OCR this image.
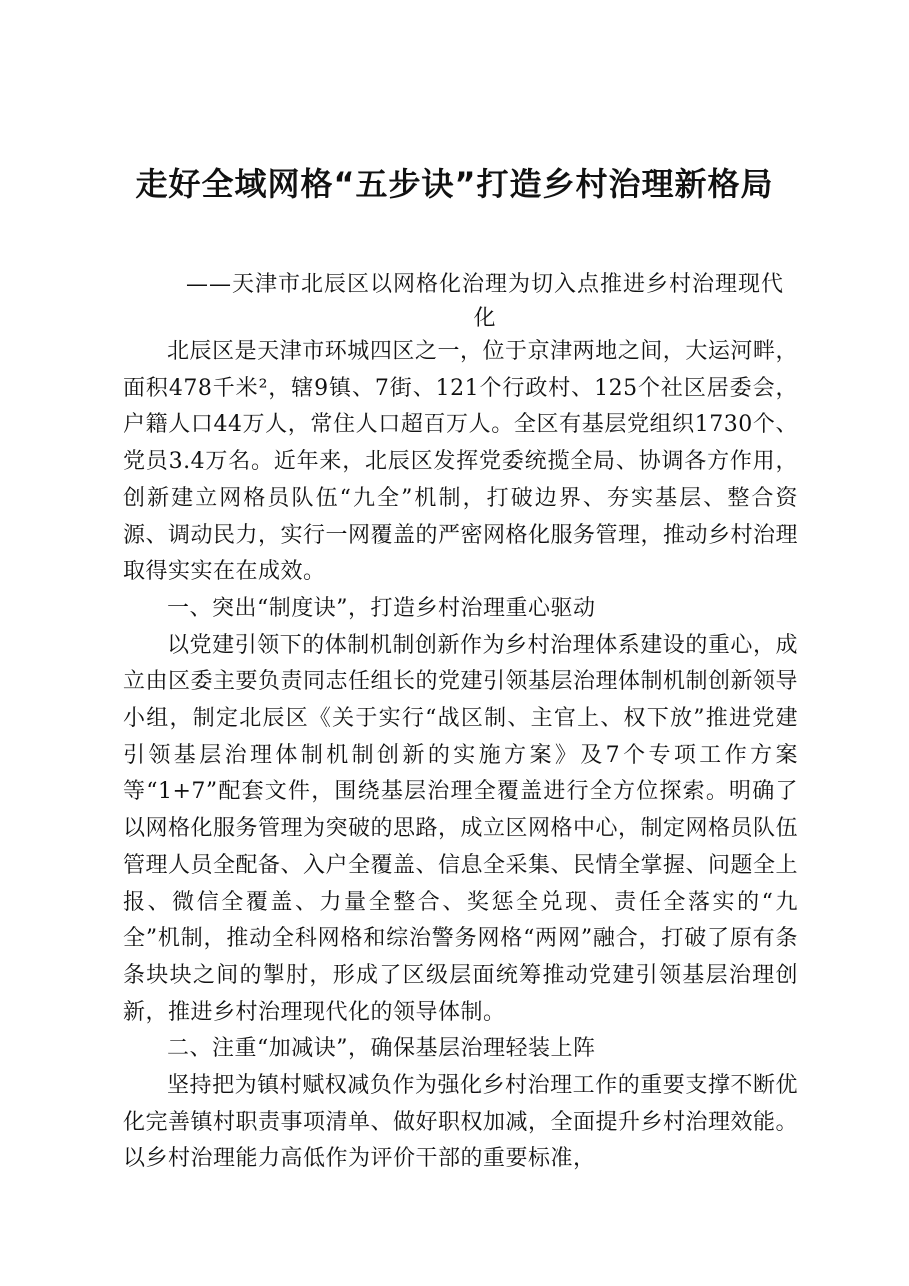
走好全域网格“五步诀”打造乡村治理新格局
——天津市北辰区以网格化治理为切入点推进乡村治理现代化

北辰区是天津市环城四区之一，位于京津两地之间，大运河畔，面积478千米²，辖9镇、7街、121个行政村、125个社区居委会，户籍人口44万人，常住人口超百万人。全区有基层党组织1730个、党员3.4万名。近年来，北辰区发挥党委统揽全局、协调各方作用，创新建立网格员队伍“九全”机制，打破边界、夯实基层、整合资源、调动民力，实行一网覆盖的严密网格化服务管理，推动乡村治理取得实实在在成效。

一、突出“制度诀”，打造乡村治理重心驱动

以党建引领下的体制机制创新作为乡村治理体系建设的重心，成立由区委主要负责同志任组长的党建引领基层治理体制机制创新领导小组，制定北辰区《关于实行“战区制、主官上、权下放”推进党建引领基层治理体制机制创新的实施方案》及7个专项工作方案等“1+7”配套文件，围绕基层治理全覆盖进行全方位探索。明确了以网格化服务管理为突破的思路，成立区网格中心，制定网格员队伍管理人员全配备、入户全覆盖、信息全采集、民情全掌握、问题全上报、微信全覆盖、力量全整合、奖惩全兑现、责任全落实的“九全”机制，推动全科网格和综治警务网格“两网”融合，打破了原有条条块块之间的掣肘，形成了区级层面统筹推动党建引领基层治理创新，推进乡村治理现代化的领导体制。

二、注重“加减诀”，确保基层治理轻装上阵

坚持把为镇村赋权减负作为强化乡村治理工作的重要支撑不断优化完善镇村职责事项清单、做好职权加减，全面提升乡村治理效能。以乡村治理能力高低作为评价干部的重要标准，
